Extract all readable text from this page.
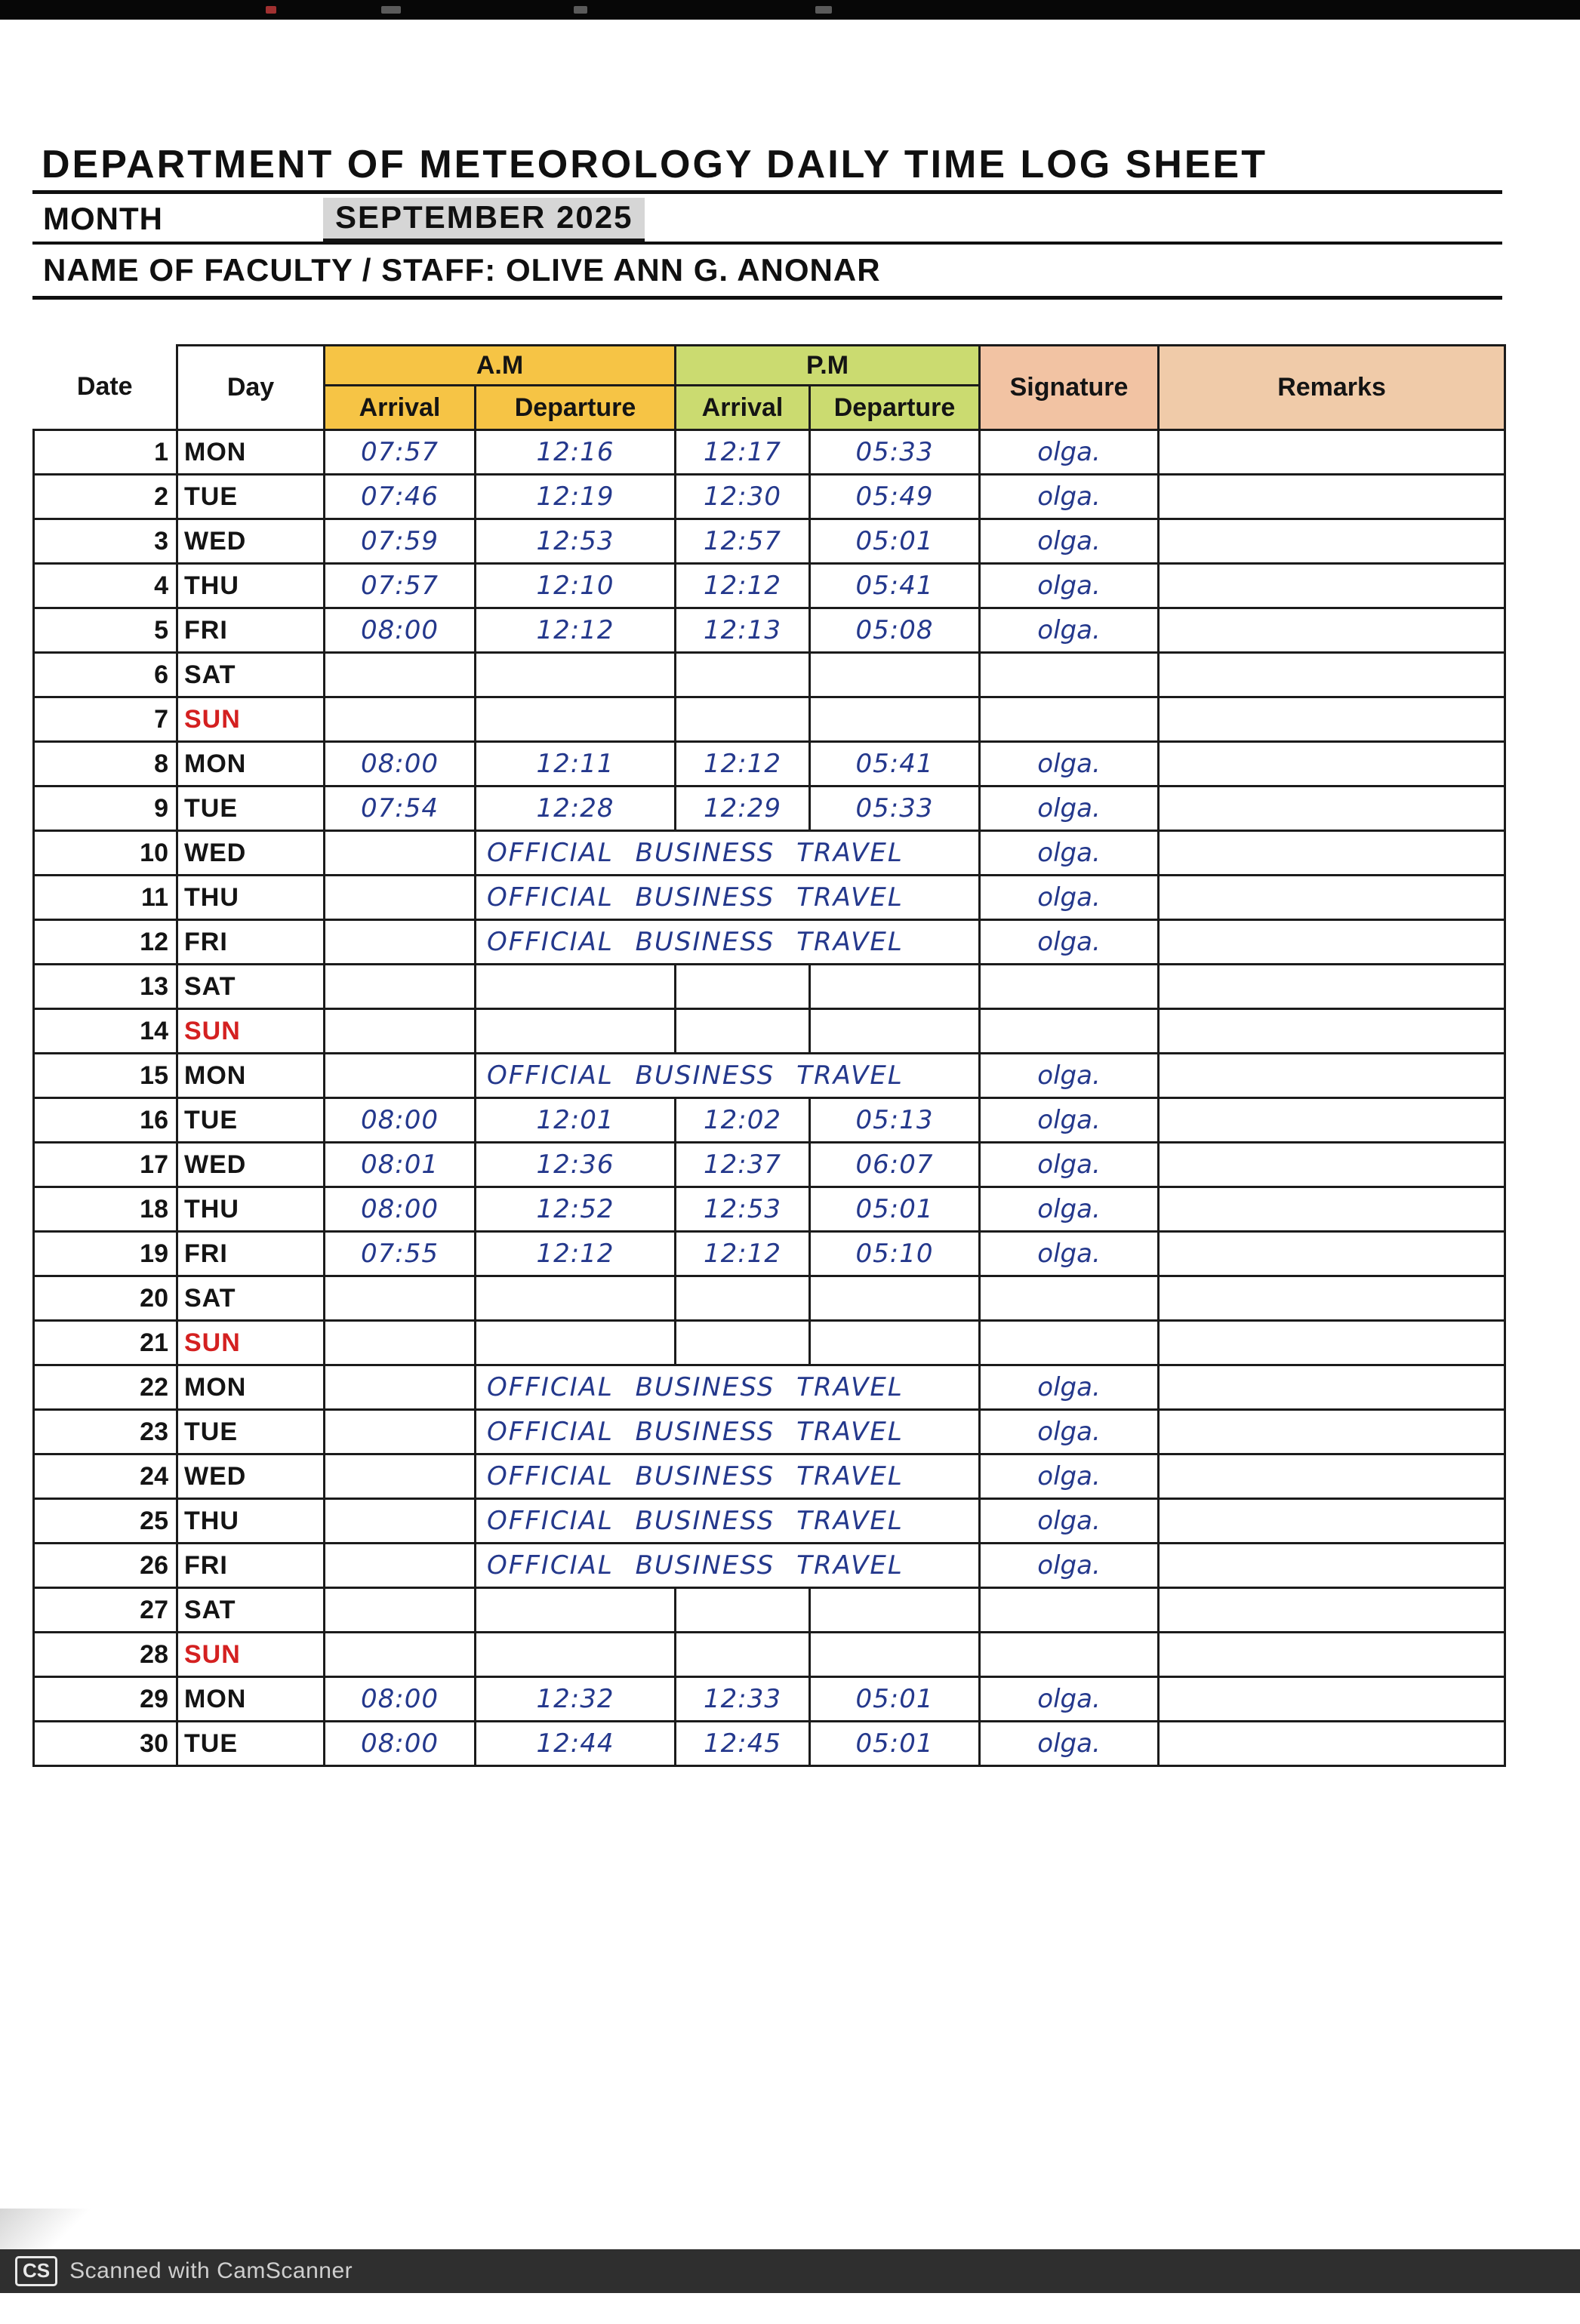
DEPARTMENT OF METEOROLOGY DAILY TIME LOG SHEET
MONTH	SEPTEMBER 2025
NAME OF FACULTY / STAFF: OLIVE ANN G. ANONAR
Date	Day	A.M		P.M		Signature	Remarks
		Arrival	Departure	Arrival	Departure		
1	MON	07:57	12:16	12:17	05:33	olga.	
2	TUE	07:46	12:19	12:30	05:49	olga.	
3	WED	07:59	12:53	12:57	05:01	olga.	
4	THU	07:57	12:10	12:12	05:41	olga.	
5	FRI	08:00	12:12	12:13	05:08	olga.	
6	SAT						
7	SUN						
8	MON	08:00	12:11	12:12	05:41	olga.	
9	TUE	07:54	12:28	12:29	05:33	olga.	
10	WED		OFFICIAL BUSINESS TRAVEL			olga.	
11	THU		OFFICIAL BUSINESS TRAVEL			olga.	
12	FRI		OFFICIAL BUSINESS TRAVEL			olga.	
13	SAT						
14	SUN						
15	MON		OFFICIAL BUSINESS TRAVEL			olga.	
16	TUE	08:00	12:01	12:02	05:13	olga.	
17	WED	08:01	12:36	12:37	06:07	olga.	
18	THU	08:00	12:52	12:53	05:01	olga.	
19	FRI	07:55	12:12	12:12	05:10	olga.	
20	SAT						
21	SUN						
22	MON		OFFICIAL BUSINESS TRAVEL			olga.	
23	TUE		OFFICIAL BUSINESS TRAVEL			olga.	
24	WED		OFFICIAL BUSINESS TRAVEL			olga.	
25	THU		OFFICIAL BUSINESS TRAVEL			olga.	
26	FRI		OFFICIAL BUSINESS TRAVEL			olga.	
27	SAT						
28	SUN						
29	MON	08:00	12:32	12:33	05:01	olga.	
30	TUE	08:00	12:44	12:45	05:01	olga.	
CS Scanned with CamScanner
